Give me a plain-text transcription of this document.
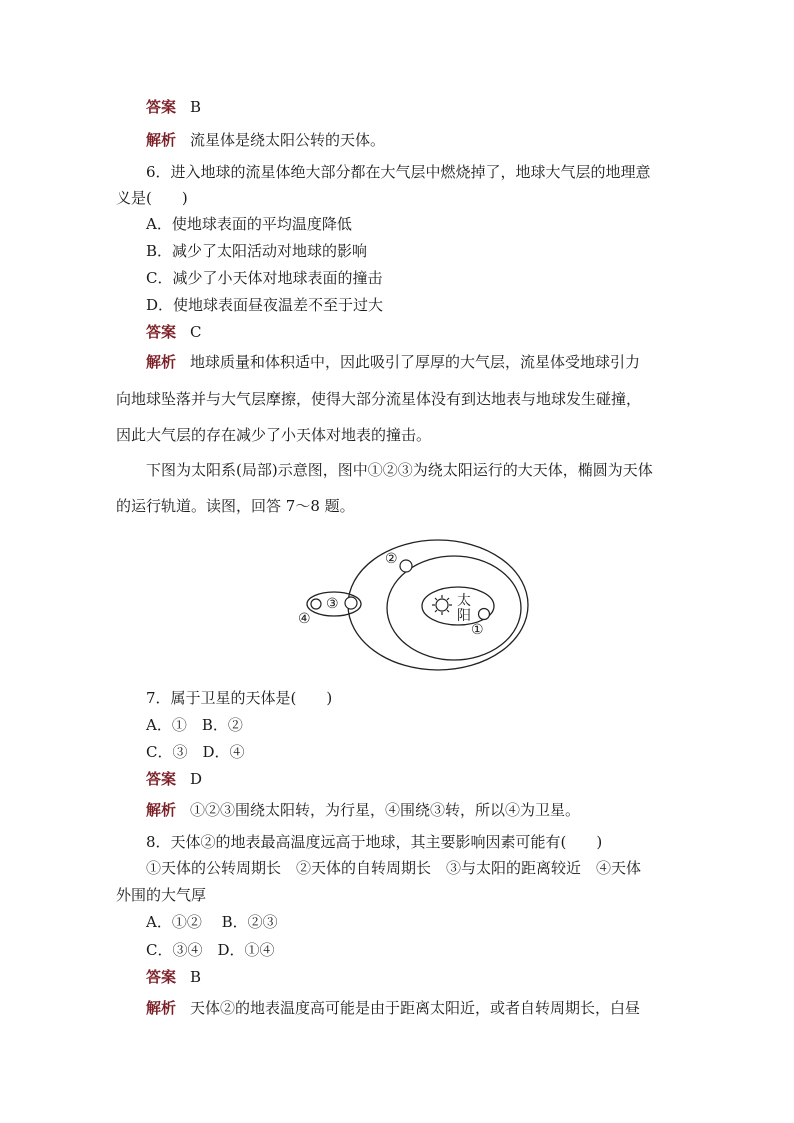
答案 B
解析 流星体是绕太阳公转的天体。
6．进入地球的流星体绝大部分都在大气层中燃烧掉了，地球大气层的地理意
义是(　　)
A．使地球表面的平均温度降低
B．减少了太阳活动对地球的影响
C．减少了小天体对地球表面的撞击
D．使地球表面昼夜温差不至于过大
答案 C
解析 地球质量和体积适中，因此吸引了厚厚的大气层，流星体受地球引力
向地球坠落并与大气层摩擦，使得大部分流星体没有到达地表与地球发生碰撞，
因此大气层的存在减少了小天体对地表的撞击。
下图为太阳系(局部)示意图，图中①②③为绕太阳运行的大天体，椭圆为天体
的运行轨道。读图，回答 7～8 题。
太
阳
①
②
③
④
7．属于卫星的天体是(　　)
A．①　B．②
C．③　D．④
答案 D
解析 ①②③围绕太阳转，为行星，④围绕③转，所以④为卫星。
8．天体②的地表最高温度远高于地球，其主要影响因素可能有(　　)
①天体的公转周期长　②天体的自转周期长　③与太阳的距离较近　④天体
外围的大气厚
A．①②　 B．②③
C．③④　D．①④
答案 B
解析 天体②的地表温度高可能是由于距离太阳近，或者自转周期长，白昼
